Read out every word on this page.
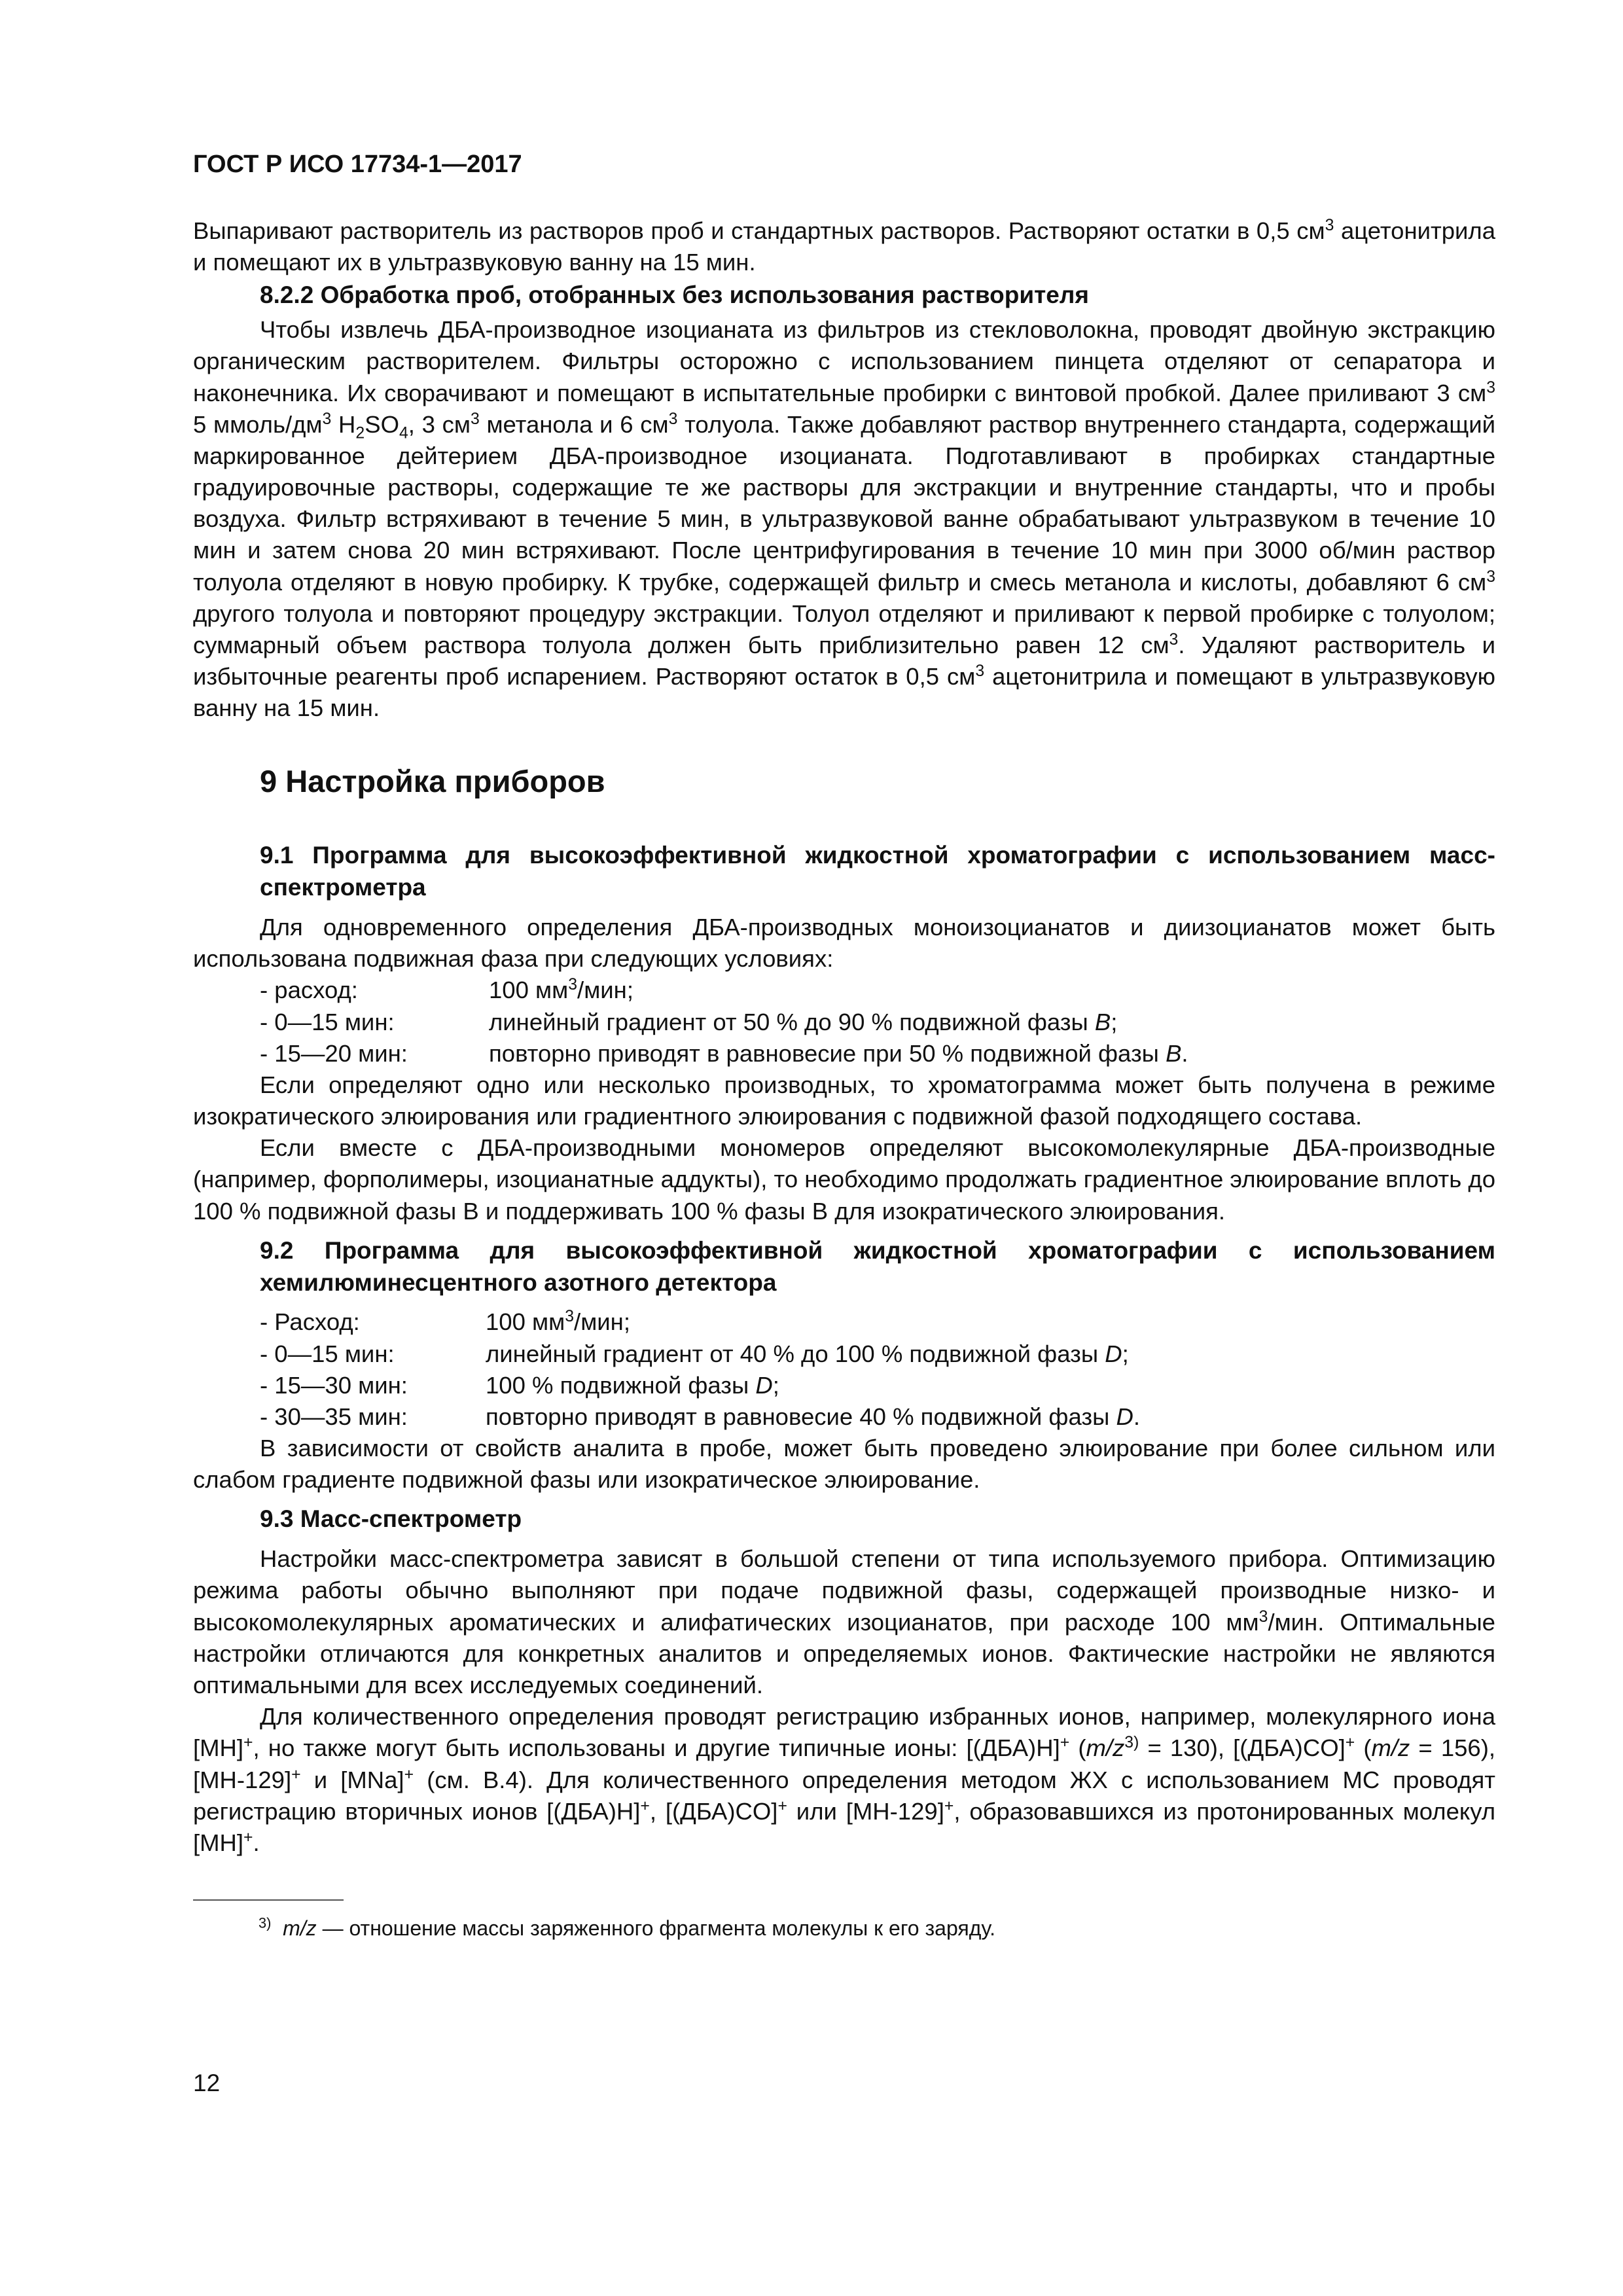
ГОСТ Р ИСО 17734-1—2017

Выпаривают растворитель из растворов проб и стандартных растворов. Растворяют остатки в 0,5 $см^3$ ацетонитрила и помещают их в ультразвуковую ванну на 15 мин.

8.2.2 Обработка проб, отобранных без использования растворителя

Чтобы извлечь ДБА-производное изоцианата из фильтров из стекловолокна, проводят двойную экстракцию органическим растворителем. Фильтры осторожно с использованием пинцета отделяют от сепаратора и наконечника. Их сворачивают и помещают в испытательные пробирки с винтовой пробкой. Далее приливают 3 $см^3$ 5 ммоль/$дм^3$ $H_2SO_4$, 3 $см^3$ метанола и 6 $см^3$ толуола. Также добавляют раствор внутреннего стандарта, содержащий маркированное дейтерием ДБА-производное изоцианата. Подготавливают в пробирках стандартные градуировочные растворы, содержащие те же растворы для экстракции и внутренние стандарты, что и пробы воздуха. Фильтр встряхивают в течение 5 мин, в ультразвуковой ванне обрабатывают ультразвуком в течение 10 мин и затем снова 20 мин встряхивают. После центрифугирования в течение 10 мин при 3000 об/мин раствор толуола отделяют в новую пробирку. К трубке, содержащей фильтр и смесь метанола и кислоты, добавляют 6 $см^3$ другого толуола и повторяют процедуру экстракции. Толуол отделяют и приливают к первой пробирке с толуолом; суммарный объем раствора толуола должен быть приблизительно равен 12 $см^3$. Удаляют растворитель и избыточные реагенты проб испарением. Растворяют остаток в 0,5 $см^3$ ацетонитрила и помещают в ультразвуковую ванну на 15 мин.

9 Настройка приборов
9.1 Программа для высокоэффективной жидкостной хроматографии с использованием масс-спектрометра

Для одновременного определения ДБА-производных моноизоцианатов и диизоцианатов может быть использована подвижная фаза при следующих условиях:

- расход:	100 $мм^3$/мин;
- 0—15 мин:	линейный градиент от 50 % до 90 % подвижной фазы B;
- 15—20 мин:	повторно приводят в равновесие при 50 % подвижной фазы B.

Если определяют одно или несколько производных, то хроматограмма может быть получена в режиме изократического элюирования или градиентного элюирования с подвижной фазой подходящего состава.

Если вместе с ДБА-производными мономеров определяют высокомолекулярные ДБА-производные (например, форполимеры, изоцианатные аддукты), то необходимо продолжать градиентное элюирование вплоть до 100 % подвижной фазы В и поддерживать 100 % фазы В для изократического элюирования.

9.2 Программа для высокоэффективной жидкостной хроматографии с использованием хемилюминесцентного азотного детектора
- Расход:	100 $мм^3$/мин;
- 0—15 мин:	линейный градиент от 40 % до 100 % подвижной фазы D;
- 15—30 мин:	100 % подвижной фазы D;
- 30—35 мин:	повторно приводят в равновесие 40 % подвижной фазы D.

В зависимости от свойств аналита в пробе, может быть проведено элюирование при более сильном или слабом градиенте подвижной фазы или изократическое элюирование.

9.3 Масс-спектрометр

Настройки масс-спектрометра зависят в большой степени от типа используемого прибора. Оптимизацию режима работы обычно выполняют при подаче подвижной фазы, содержащей производные низко- и высокомолекулярных ароматических и алифатических изоцианатов, при расходе 100 $мм^3$/мин. Оптимальные настройки отличаются для конкретных аналитов и определяемых ионов. Фактические настройки не являются оптимальными для всех исследуемых соединений.

Для количественного определения проводят регистрацию избранных ионов, например, молекулярного иона [MH]+, но также могут быть использованы и другие типичные ионы: [(ДБА)H]+ $(m/z^{3)} = 130)$, [(ДБА)CO]+ (m/z = 156), [MH-129]+ и [MNa]+ (см. В.4). Для количественного определения методом ЖХ с использованием МС проводят регистрацию вторичных ионов [(ДБА)H]+, [(ДБА)CO]+ или [MH-129]+, образовавшихся из протонированных молекул [MH]+.

$^{3)}$ m/z — отношение массы заряженного фрагмента молекулы к его заряду.
12
